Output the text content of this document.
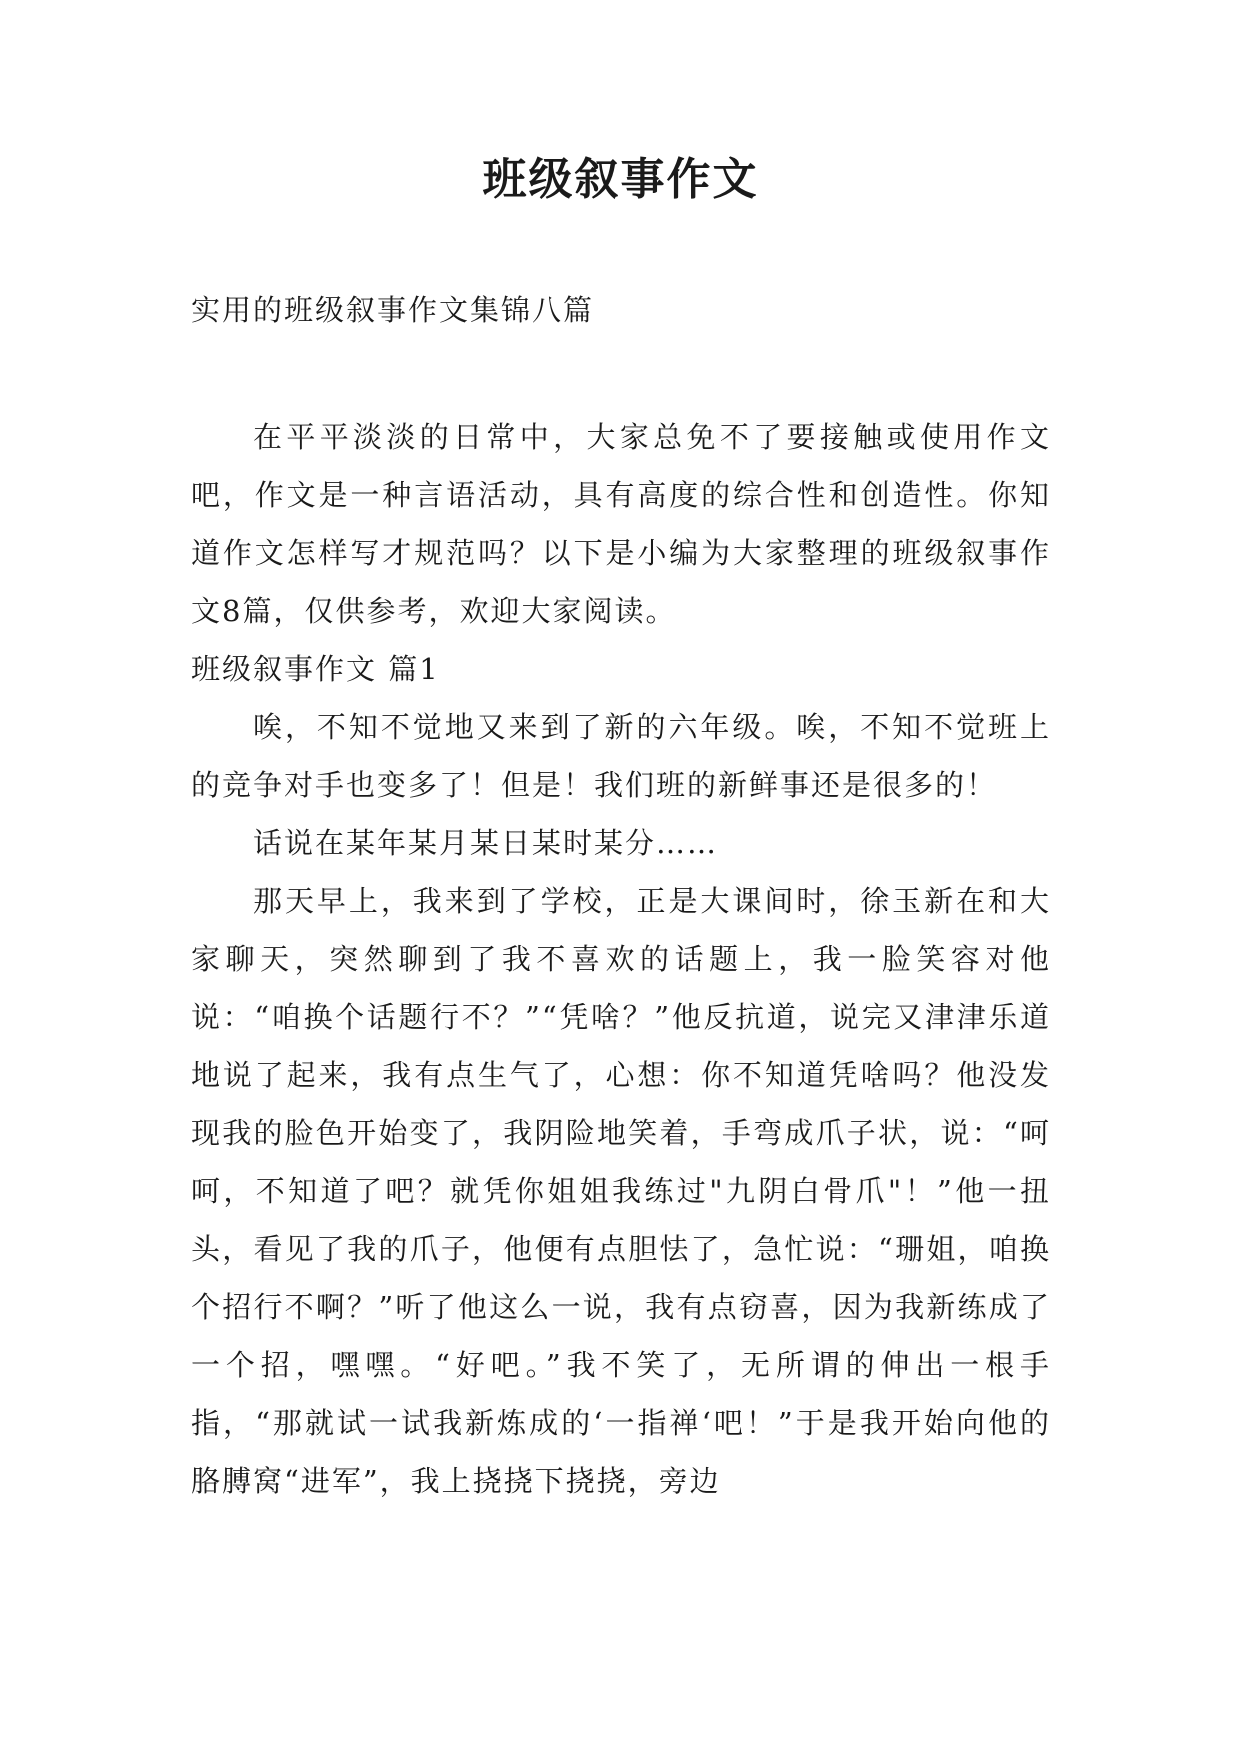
班级叙事作文
实用的班级叙事作文集锦八篇

在平平淡淡的日常中，大家总免不了要接触或使用作文吧，作文是一种言语活动，具有高度的综合性和创造性。你知道作文怎样写才规范吗？以下是小编为大家整理的班级叙事作文8篇，仅供参考，欢迎大家阅读。

班级叙事作文 篇1

唉，不知不觉地又来到了新的六年级。唉，不知不觉班上的竞争对手也变多了！但是！我们班的新鲜事还是很多的！

话说在某年某月某日某时某分……

那天早上，我来到了学校，正是大课间时，徐玉新在和大家聊天，突然聊到了我不喜欢的话题上，我一脸笑容对他说：“咱换个话题行不？”“凭啥？”他反抗道，说完又津津乐道地说了起来，我有点生气了，心想：你不知道凭啥吗？他没发现我的脸色开始变了，我阴险地笑着，手弯成爪子状，说：“呵呵，不知道了吧？就凭你姐姐我练过"九阴白骨爪"！”他一扭头，看见了我的爪子，他便有点胆怯了，急忙说：“珊姐，咱换个招行不啊？”听了他这么一说，我有点窃喜，因为我新练成了一个招，嘿嘿。“好吧。”我不笑了，无所谓的伸出一根手指，“那就试一试我新炼成的‘一指禅‘吧！”于是我开始向他的胳膊窝“进军”，我上挠挠下挠挠，旁边
